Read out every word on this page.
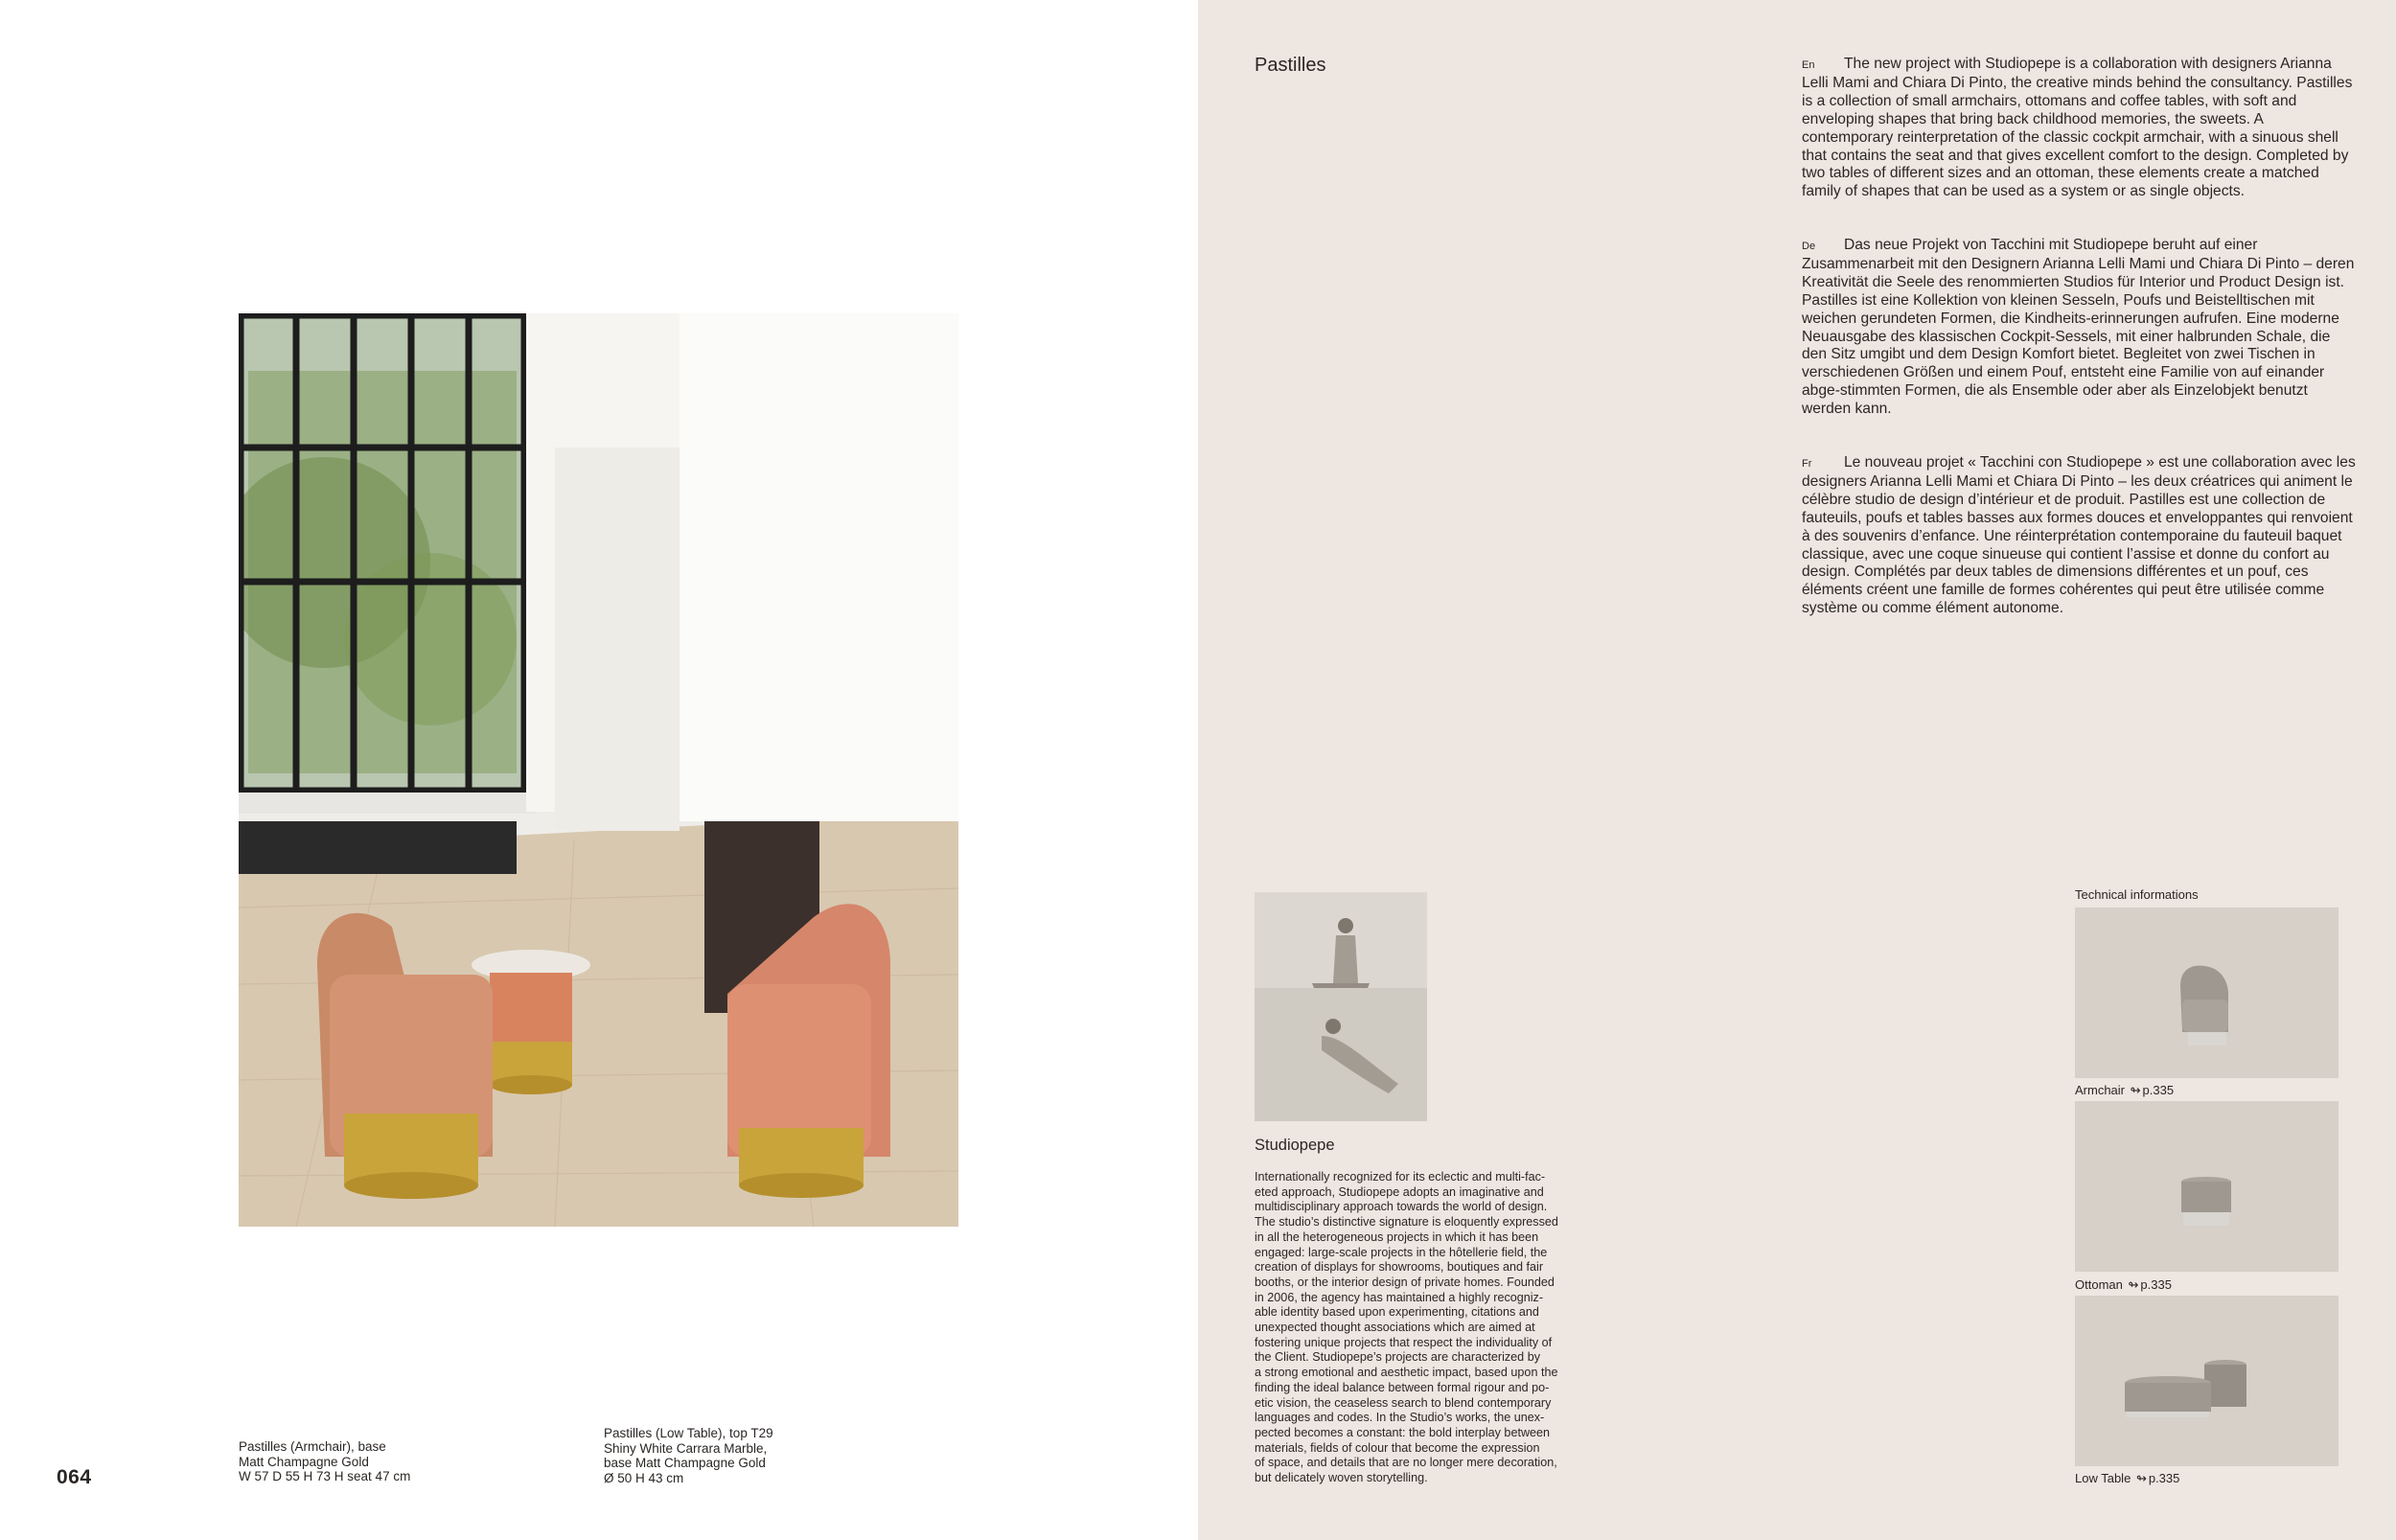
Pastilles (Armchair), base
Matt Champagne Gold
W 57 D 55 H 73 H seat 47 cm
Pastilles (Low Table), top T29
Shiny White Carrara Marble,
base Matt Champagne Gold
Ø 50 H 43 cm
064
Pastilles	En The new project with Studiopepe is a collaboration with designers Arianna Lelli Mami and Chiara Di Pinto, the creative minds behind the consultancy. Pastilles is a collection of small armchairs, ottomans and coffee tables, with soft and enveloping shapes that bring back childhood memories, the sweets. A contemporary reinterpretation of the classic cockpit armchair, with a sinuous shell that contains the seat and that gives excellent comfort to the design. Completed by two tables of different sizes and an ottoman, these elements create a matched family of shapes that can be used as a system or as single objects.

De Das neue Projekt von Tacchini mit Studiopepe beruht auf einer Zusammenarbeit mit den Designern Arianna Lelli Mami und Chiara Di Pinto – deren Kreativität die Seele des renommierten Studios für Interior und Product Design ist. Pastilles ist eine Kollektion von kleinen Sesseln, Poufs und Beistelltischen mit weichen gerundeten Formen, die Kindheits-erinnerungen aufrufen. Eine moderne Neuausgabe des klassischen Cockpit-Sessels, mit einer halbrunden Schale, die den Sitz umgibt und dem Design Komfort bietet. Begleitet von zwei Tischen in verschiedenen Größen und einem Pouf, entsteht eine Familie von auf einander abge-stimmten Formen, die als Ensemble oder aber als Einzelobjekt benutzt werden kann.

Fr Le nouveau projet « Tacchini con Studiopepe » est une collaboration avec les designers Arianna Lelli Mami et Chiara Di Pinto – les deux créatrices qui animent le célèbre studio de design d’intérieur et de produit. Pastilles est une collection de fauteuils, poufs et tables basses aux formes douces et enveloppantes qui renvoient à des souvenirs d’enfance. Une réinterprétation contemporaine du fauteuil baquet classique, avec une coque sinueuse qui contient l’assise et donne du confort au design. Complétés par deux tables de dimensions différentes et un pouf, ces éléments créent une famille de formes cohérentes qui peut être utilisée comme système ou comme élément autonome.

Studiopepe
Internationally recognized for its eclectic and multi-fac-
eted approach, Studiopepe adopts an imaginative and
multidisciplinary approach towards the world of design.
The studio’s distinctive signature is eloquently expressed
in all the heterogeneous projects in which it has been
engaged: large-scale projects in the hôtellerie field, the
creation of displays for showrooms, boutiques and fair
booths, or the interior design of private homes. Founded
in 2006, the agency has maintained a highly recogniz-
able identity based upon experimenting, citations and
unexpected thought associations which are aimed at
fostering unique projects that respect the individuality of
the Client. Studiopepe’s projects are characterized by
a strong emotional and aesthetic impact, based upon the
finding the ideal balance between formal rigour and po-
etic vision, the ceaseless search to blend contemporary
languages and codes. In the Studio’s works, the unex-
pected becomes a constant: the bold interplay between
materials, fields of colour that become the expression
of space, and details that are no longer mere decoration,
but delicately woven storytelling.
Technical informations
Armchair ↬ p.335
Ottoman ↬ p.335
Low Table ↬ p.335
